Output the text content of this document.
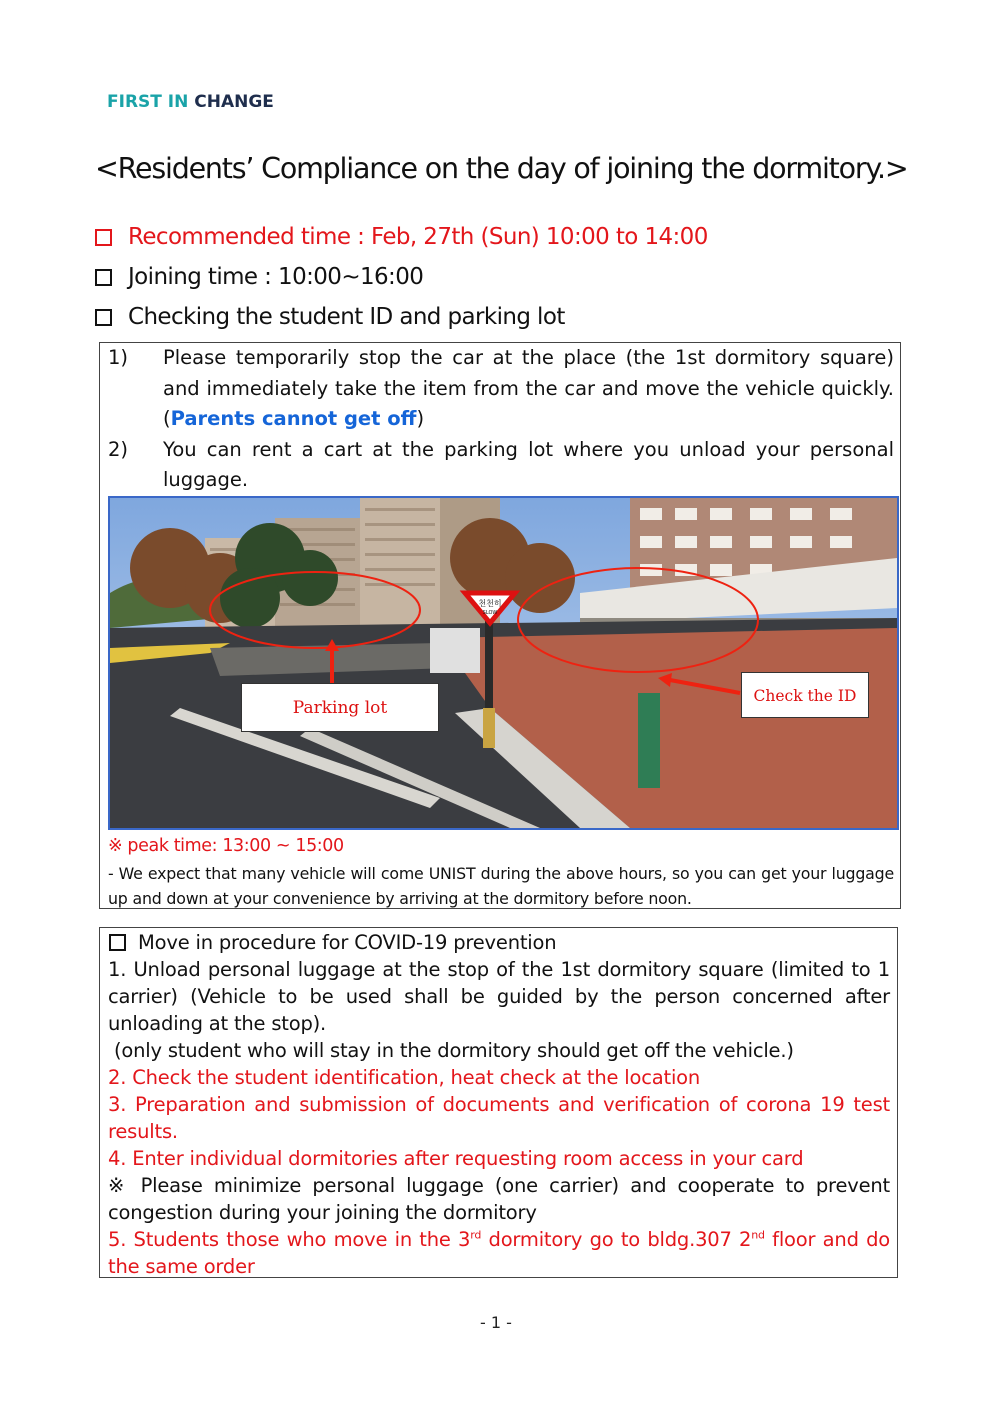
FIRST IN CHANGE
<Residents’ Compliance on the day of joining the dormitory.>
Recommended time : Feb, 27th (Sun) 10:00 to 14:00
Joining time : 10:00~16:00
Checking the student ID and parking lot

1) Please temporarily stop the car at the place (the 1st dormitory square) and immediately take the item from the car and move the vehicle quickly.(Parents cannot get off)

2) You can rent a cart at the parking lot where you unload your personal luggage.

천천히
SLOW
Parking lot
Check the ID
※ peak time: 13:00 ~ 15:00
- We expect that many vehicle will come UNIST during the above hours, so you can get your luggage up and down at your convenience by arriving at the dormitory before noon.

Move in procedure for COVID-19 prevention

1. Unload personal luggage at the stop of the 1st dormitory square (limited to 1 carrier) (Vehicle to be used shall be guided by the person concerned after unloading at the stop).

(only student who will stay in the dormitory should get off the vehicle.)

2. Check the student identification, heat check at the location

3. Preparation and submission of documents and verification of corona 19 test results.

4. Enter individual dormitories after requesting room access in your card

※ Please minimize personal luggage (one carrier) and cooperate to prevent congestion during your joining the dormitory

5. Students those who move in the 3rd dormitory go to bldg.307 2nd floor and do the same order

- 1 -
